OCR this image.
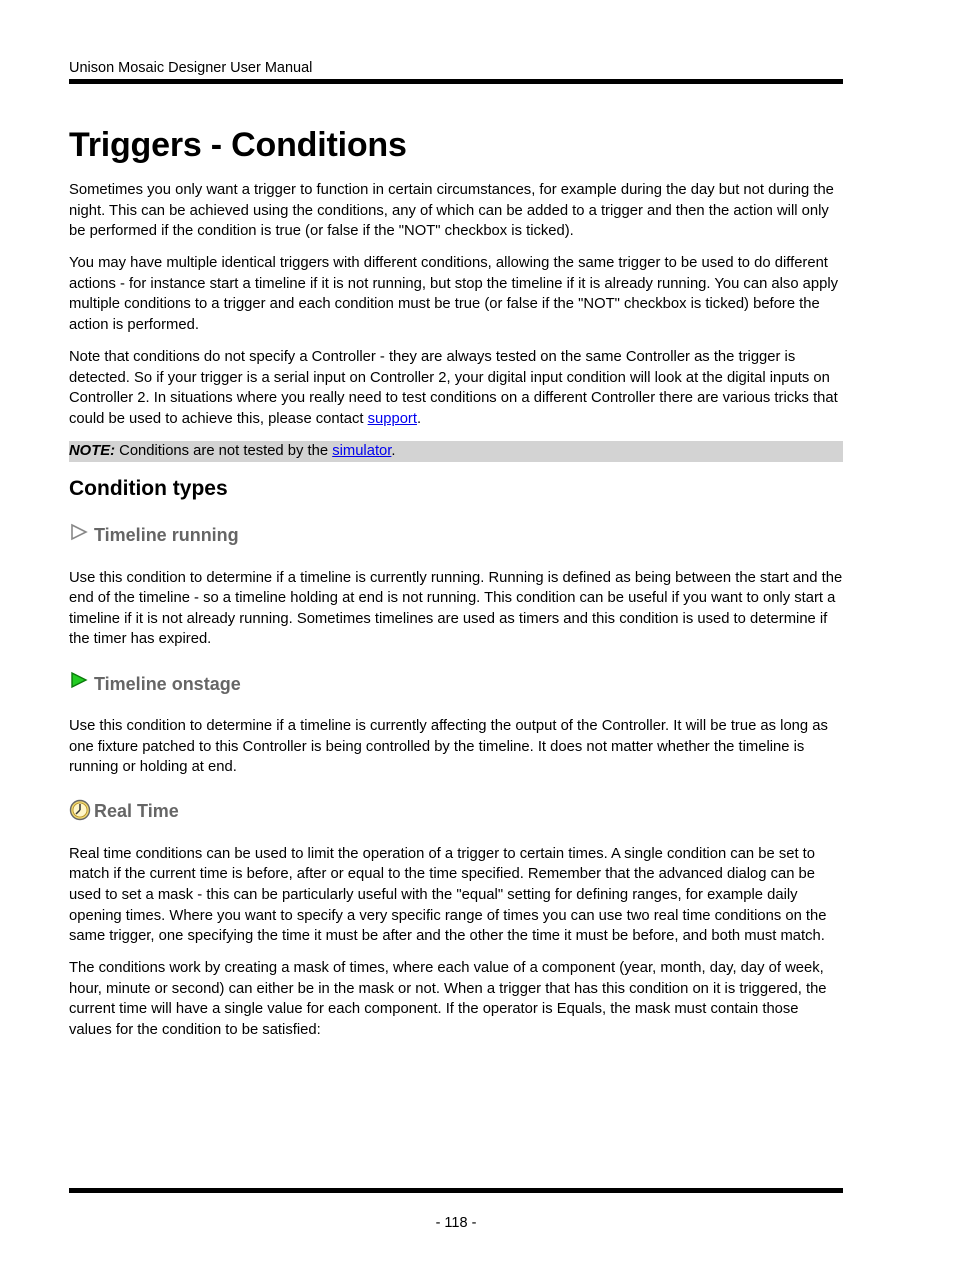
Unison Mosaic Designer User Manual
Triggers - Conditions

Sometimes you only want a trigger to function in certain circumstances, for example during the day but not during the night. This can be achieved using the conditions, any of which can be added to a trigger and then the action will only be performed if the condition is true (or false if the "NOT" checkbox is ticked).

You may have multiple identical triggers with different conditions, allowing the same trigger to be used to do different actions - for instance start a timeline if it is not running, but stop the timeline if it is already running. You can also apply multiple conditions to a trigger and each condition must be true (or false if the "NOT" checkbox is ticked) before the action is performed.

Note that conditions do not specify a Controller - they are always tested on the same Controller as the trigger is detected. So if your trigger is a serial input on Controller 2, your digital input condition will look at the digital inputs on Controller 2. In situations where you really need to test conditions on a different Controller there are various tricks that could be used to achieve this, please contact support.

NOTE: Conditions are not tested by the simulator.

Condition types
Timeline running

Use this condition to determine if a timeline is currently running. Running is defined as being between the start and the end of the timeline - so a timeline holding at end is not running. This condition can be useful if you want to only start a timeline if it is not already running. Sometimes timelines are used as timers and this condition is used to determine if the timer has expired.

Timeline onstage

Use this condition to determine if a timeline is currently affecting the output of the Controller. It will be true as long as one fixture patched to this Controller is being controlled by the timeline. It does not matter whether the timeline is running or holding at end.

Real Time

Real time conditions can be used to limit the operation of a trigger to certain times. A single condition can be set to match if the current time is before, after or equal to the time specified. Remember that the advanced dialog can be used to set a mask - this can be particularly useful with the "equal" setting for defining ranges, for example daily opening times. Where you want to specify a very specific range of times you can use two real time conditions on the same trigger, one specifying the time it must be after and the other the time it must be before, and both must match.

The conditions work by creating a mask of times, where each value of a component (year, month, day, day of week, hour, minute or second) can either be in the mask or not. When a trigger that has this condition on it is triggered, the current time will have a single value for each component. If the operator is Equals, the mask must contain those values for the condition to be satisfied:

- 118 -
